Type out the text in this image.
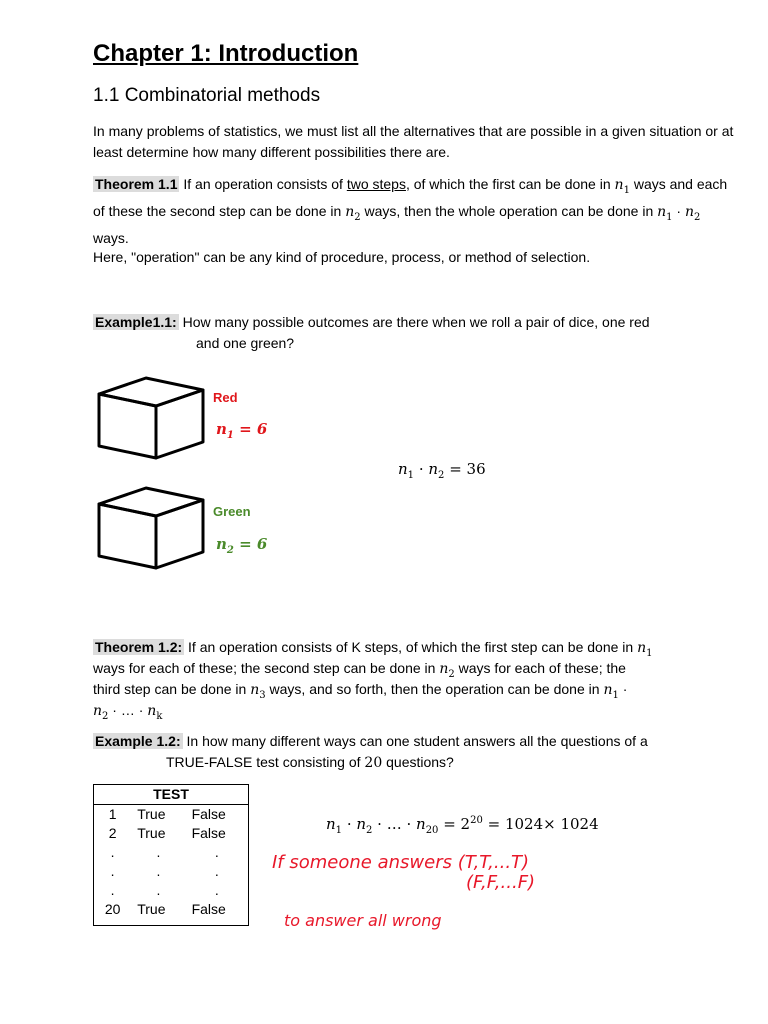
Chapter 1: Introduction
1.1 Combinatorial methods
In many problems of statistics, we must list all the alternatives that are possible in a given situation or at least determine how many different possibilities there are.
Theorem 1.1 If an operation consists of two steps, of which the first can be done in $n_1$ ways and each of these the second step can be done in $n_2$ ways, then the whole operation can be done in $n_1 \cdot n_2$ ways.
Here, "operation" can be any kind of procedure, process, or method of selection.
Example1.1: How many possible outcomes are there when we roll a pair of dice, one red
and one green?
Red
$n_1 = 6$
Green
$n_2 = 6$
$n_1 \cdot n_2 = 36$
Theorem 1.2: If an operation consists of K steps, of which the first step can be done in $n_1$
ways for each of these; the second step can be done in $n_2$ ways for each of these; the
third step can be done in $n_3$ ways, and so forth, then the operation can be done in $n_1$ ·
$n_2$ · … · $n_k$
Example 1.2: In how many different ways can one student answers all the questions of a
TRUE-FALSE test consisting of 20 questions?
TEST		
1	True	False
2	True	False
.	.	.
.	.	.
.	.	.
20	True	False
$n_1 \cdot n_2$ · … · $n_{20} = 2^{20} = 1024\times 1024$
If someone answers (T,T,...T)
(F,F,...F)
to answer all wrong
